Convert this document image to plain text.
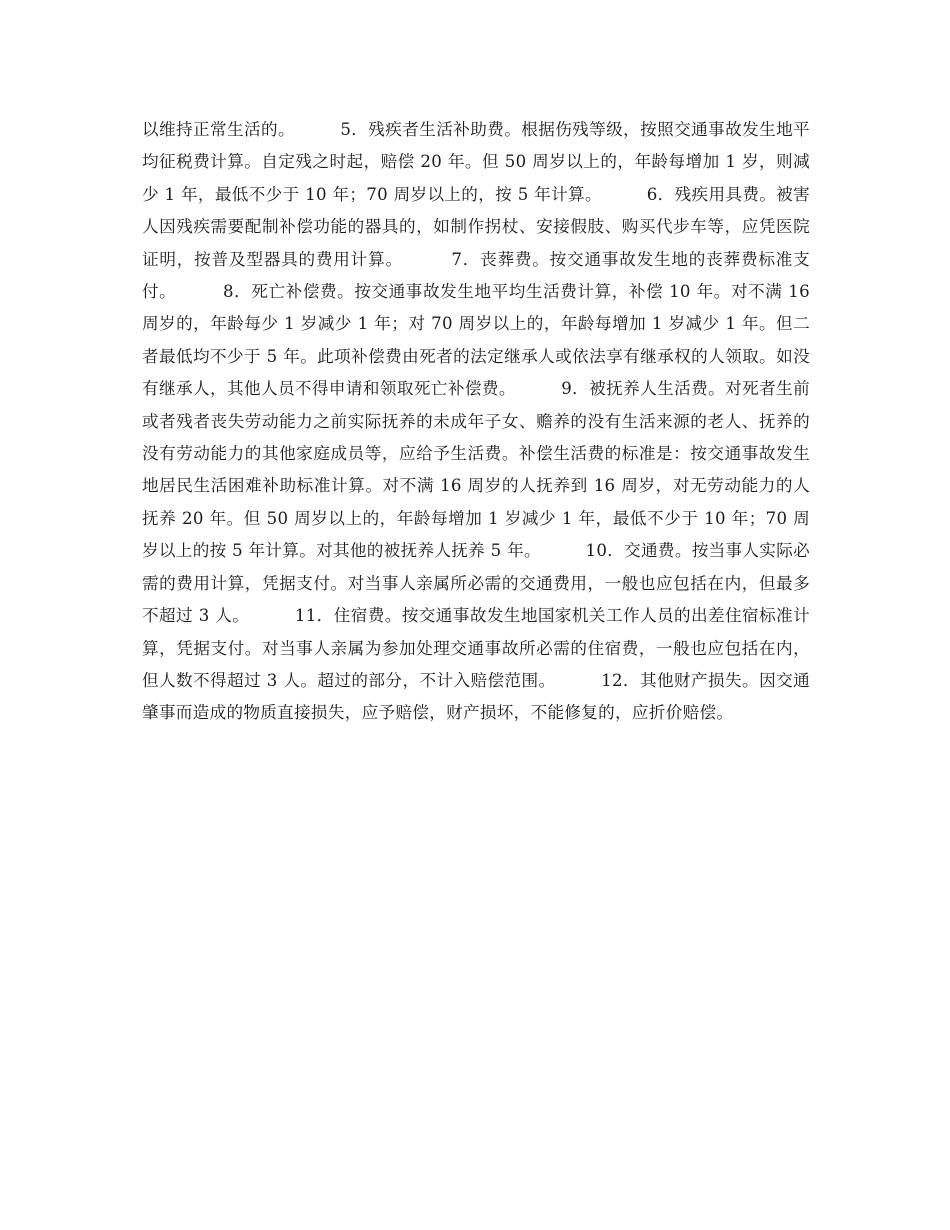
以维持正常生活的。        5．残疾者生活补助费。根据伤残等级，按照交通事故发生地平均征税费计算。自定残之时起，赔偿 20 年。但 50 周岁以上的，年龄每增加 1 岁，则减少 1 年，最低不少于 10 年；70 周岁以上的，按 5 年计算。        6．残疾用具费。被害人因残疾需要配制补偿功能的器具的，如制作拐杖、安接假肢、购买代步车等，应凭医院证明，按普及型器具的费用计算。        7．丧葬费。按交通事故发生地的丧葬费标准支付。        8．死亡补偿费。按交通事故发生地平均生活费计算，补偿 10 年。对不满 16 周岁的，年龄每少 1 岁减少 1 年；对 70 周岁以上的，年龄每增加 1 岁减少 1 年。但二者最低均不少于 5 年。此项补偿费由死者的法定继承人或依法享有继承权的人领取。如没有继承人，其他人员不得申请和领取死亡补偿费。        9．被抚养人生活费。对死者生前或者残者丧失劳动能力之前实际抚养的未成年子女、赡养的没有生活来源的老人、抚养的没有劳动能力的其他家庭成员等，应给予生活费。补偿生活费的标准是：按交通事故发生地居民生活困难补助标准计算。对不满 16 周岁的人抚养到 16 周岁，对无劳动能力的人抚养 20 年。但 50 周岁以上的，年龄每增加 1 岁减少 1 年，最低不少于 10 年；70 周岁以上的按 5 年计算。对其他的被抚养人抚养 5 年。        10．交通费。按当事人实际必需的费用计算，凭据支付。对当事人亲属所必需的交通费用，一般也应包括在内，但最多不超过 3 人。        11．住宿费。按交通事故发生地国家机关工作人员的出差住宿标准计算，凭据支付。对当事人亲属为参加处理交通事故所必需的住宿费，一般也应包括在内，但人数不得超过 3 人。超过的部分，不计入赔偿范围。        12．其他财产损失。因交通肇事而造成的物质直接损失，应予赔偿，财产损坏，不能修复的，应折价赔偿。
